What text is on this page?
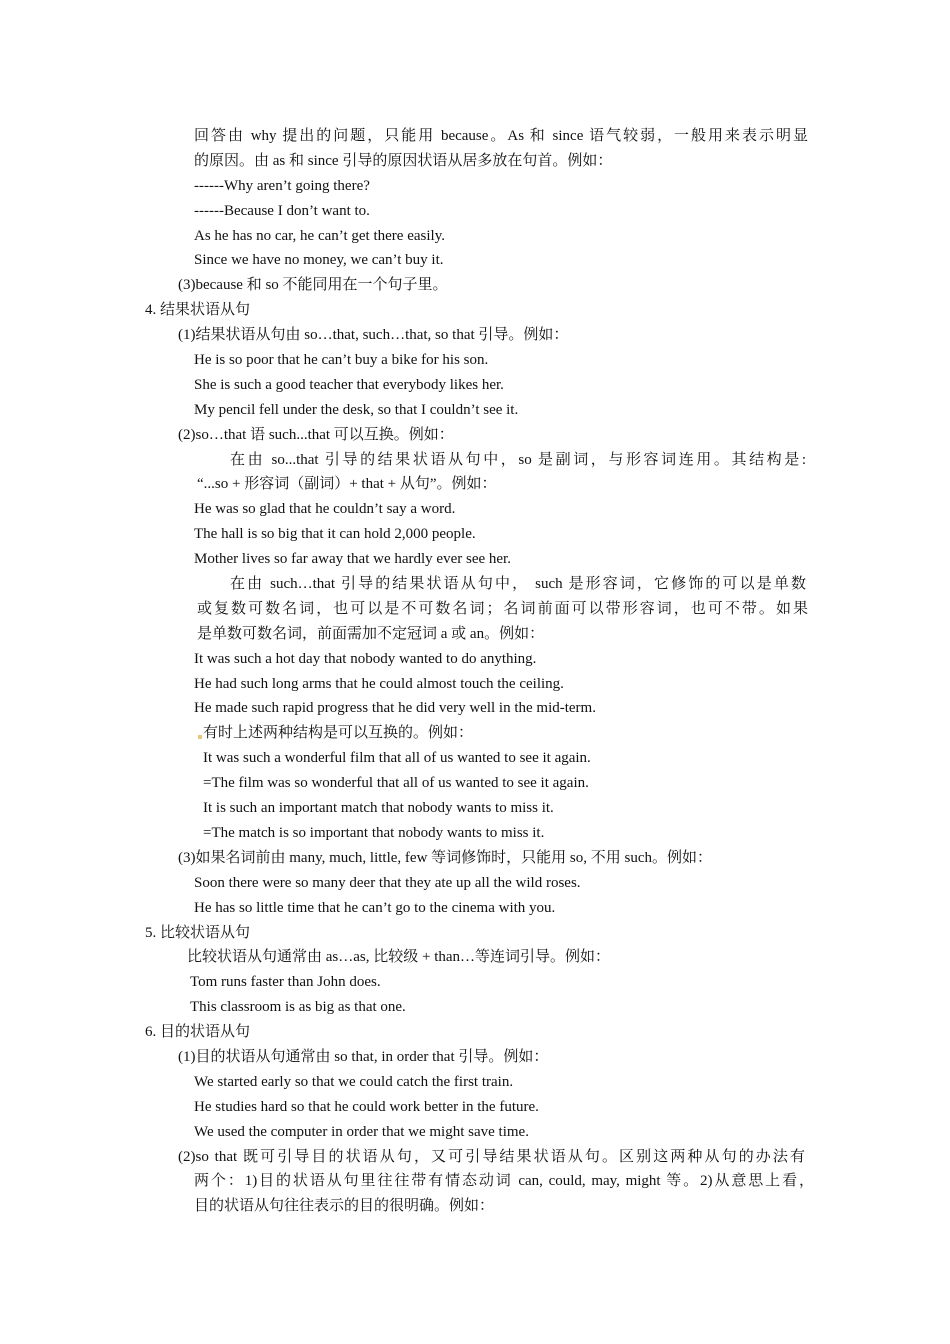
回答由 why 提出的问题，只能用 because。As 和 since 语气较弱，一般用来表示明显
的原因。由 as 和 since 引导的原因状语从居多放在句首。例如：
------Why aren’t going there?
------Because I don’t want to.
As he has no car, he can’t get there easily.
Since we have no money, we can’t buy it.
(3)because 和 so 不能同用在一个句子里。
4. 结果状语从句
(1)结果状语从句由 so…that, such…that, so that 引导。例如：
He is so poor that he can’t buy a bike for his son.
She is such a good teacher that everybody likes her.
My pencil fell under the desk, so that I couldn’t see it.
(2)so…that 语 such...that 可以互换。例如：
在由 so...that 引导的结果状语从句中，so 是副词，与形容词连用。其结构是:
“...so + 形容词（副词）+ that + 从句”。例如：
He was so glad that he couldn’t say a word.
The hall is so big that it can hold 2,000 people.
Mother lives so far away that we hardly ever see her.
在由 such…that 引导的结果状语从句中， such 是形容词，它修饰的可以是单数
或复数可数名词，也可以是不可数名词；名词前面可以带形容词，也可不带。如果
是单数可数名词，前面需加不定冠词 a 或 an。例如：
It was such a hot day that nobody wanted to do anything.
He had such long arms that he could almost touch the ceiling.
He made such rapid progress that he did very well in the mid-term.
有时上述两种结构是可以互换的。例如：
It was such a wonderful film that all of us wanted to see it again.
=The film was so wonderful that all of us wanted to see it again.
It is such an important match that nobody wants to miss it.
=The match is so important that nobody wants to miss it.
(3)如果名词前由 many, much, little, few 等词修饰时，只能用 so, 不用 such。例如：
Soon there were so many deer that they ate up all the wild roses.
He has so little time that he can’t go to the cinema with you.
5. 比较状语从句
比较状语从句通常由 as…as, 比较级 + than…等连词引导。例如：
Tom runs faster than John does.
This classroom is as big as that one.
6. 目的状语从句
(1)目的状语从句通常由 so that, in order that 引导。例如：
We started early so that we could catch the first train.
He studies hard so that he could work better in the future.
We used the computer in order that we might save time.
(2)so that 既可引导目的状语从句，又可引导结果状语从句。区别这两种从句的办法有
两个：1)目的状语从句里往往带有情态动词 can, could, may, might 等。2)从意思上看，
目的状语从句往往表示的目的很明确。例如：
